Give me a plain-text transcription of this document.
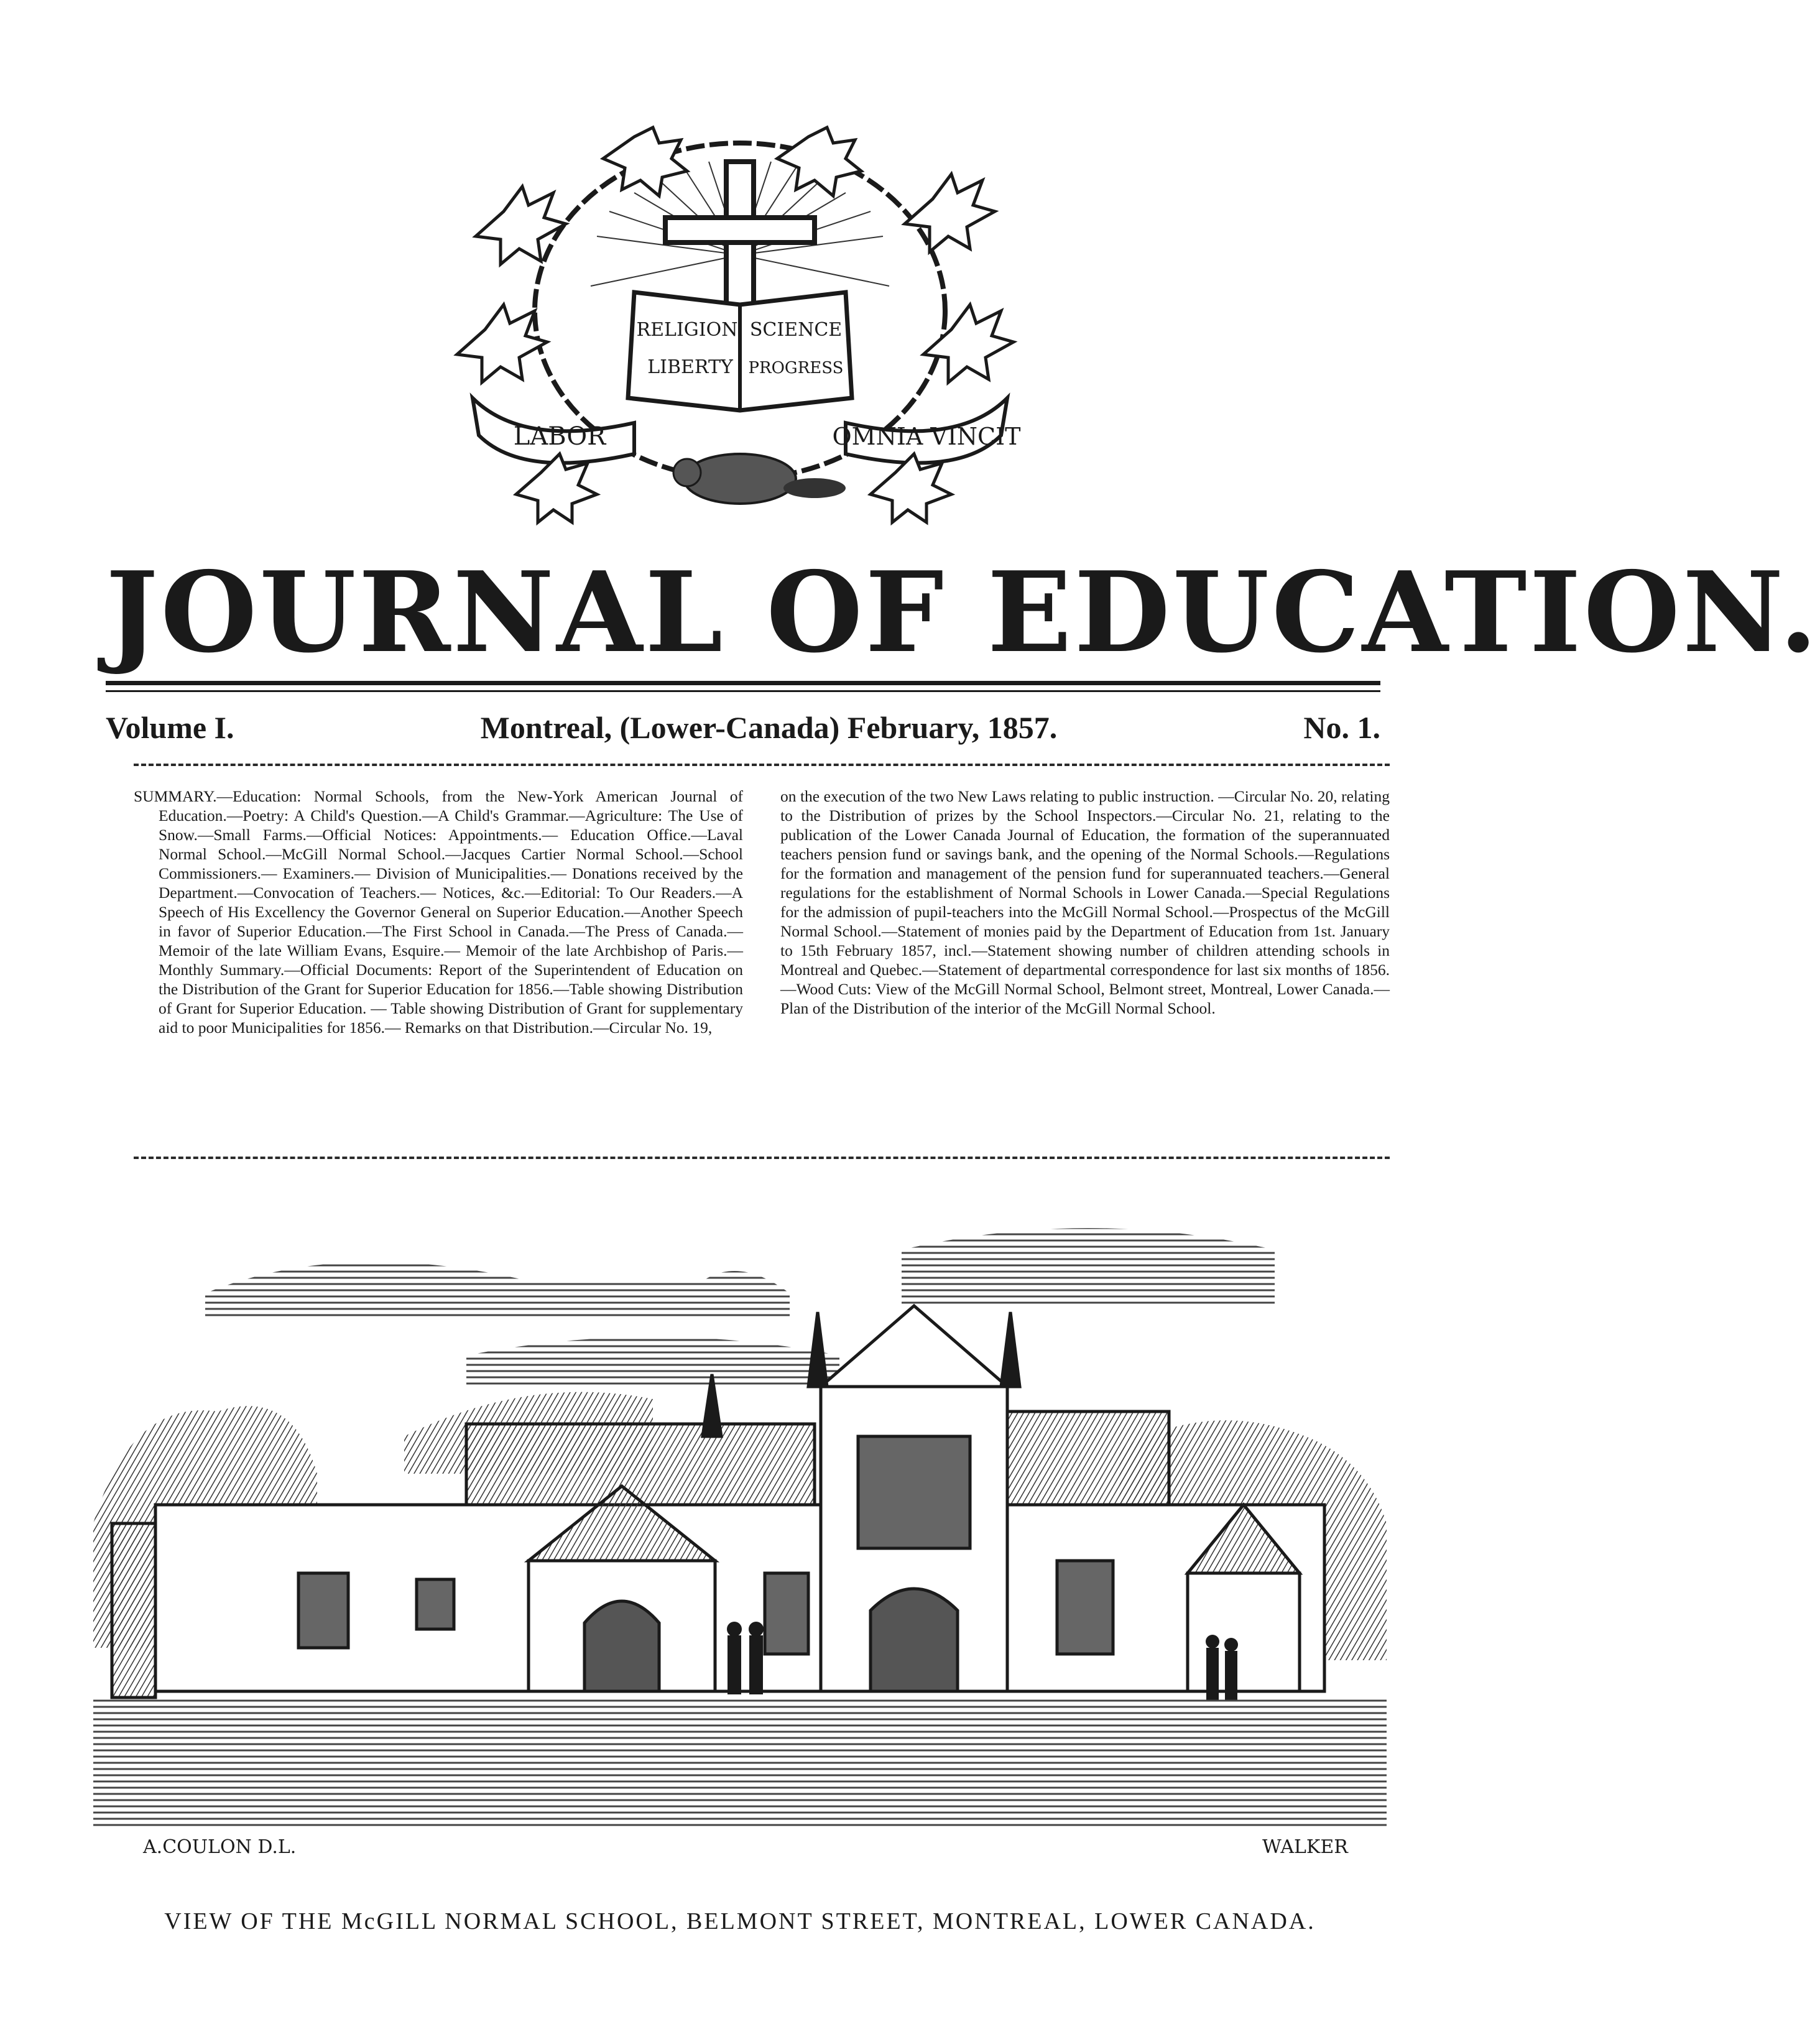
RELIGION SCIENCE
LIBERTY PROGRESS
LABOR	OMNIA VINCIT
JOURNAL OF EDUCATION.
Volume I.	Montreal, (Lower-Canada) February, 1857.	No. 1.

SUMMARY.—Education: Normal Schools, from the New-York American Journal of Education.—Poetry: A Child's Question.—A Child's Grammar.—Agriculture: The Use of Snow.—Small Farms.—Official Notices: Appointments.— Education Office.—Laval Normal School.—McGill Normal School.—Jacques Cartier Normal School.—School Commissioners.— Examiners.— Division of Municipalities.— Donations received by the Department.—Convocation of Teachers.— Notices, &c.—Editorial: To Our Readers.—A Speech of His Excellency the Governor General on Superior Education.—Another Speech in favor of Superior Education.—The First School in Canada.—The Press of Canada.—Memoir of the late William Evans, Esquire.— Memoir of the late Archbishop of Paris.—Monthly Summary.—Official Documents: Report of the Superintendent of Education on the Distribution of the Grant for Superior Education for 1856.—Table showing Distribution of Grant for Superior Education. — Table showing Distribution of Grant for supplementary aid to poor Municipalities for 1856.— Remarks on that Distribution.—Circular No. 19,

on the execution of the two New Laws relating to public instruction. —Circular No. 20, relating to the Distribution of prizes by the School Inspectors.—Circular No. 21, relating to the publication of the Lower Canada Journal of Education, the formation of the superannuated teachers pension fund or savings bank, and the opening of the Normal Schools.—Regulations for the formation and management of the pension fund for superannuated teachers.—General regulations for the establishment of Normal Schools in Lower Canada.—Special Regulations for the admission of pupil-teachers into the McGill Normal School.—Prospectus of the McGill Normal School.—Statement of monies paid by the Department of Education from 1st. January to 15th February 1857, incl.—Statement showing number of children attending schools in Montreal and Quebec.—Statement of departmental correspondence for last six months of 1856.—Wood Cuts: View of the McGill Normal School, Belmont street, Montreal, Lower Canada.—Plan of the Distribution of the interior of the McGill Normal School.

A.COULON D.L.	WALKER
VIEW OF THE McGILL NORMAL SCHOOL, BELMONT STREET, MONTREAL, LOWER CANADA.
